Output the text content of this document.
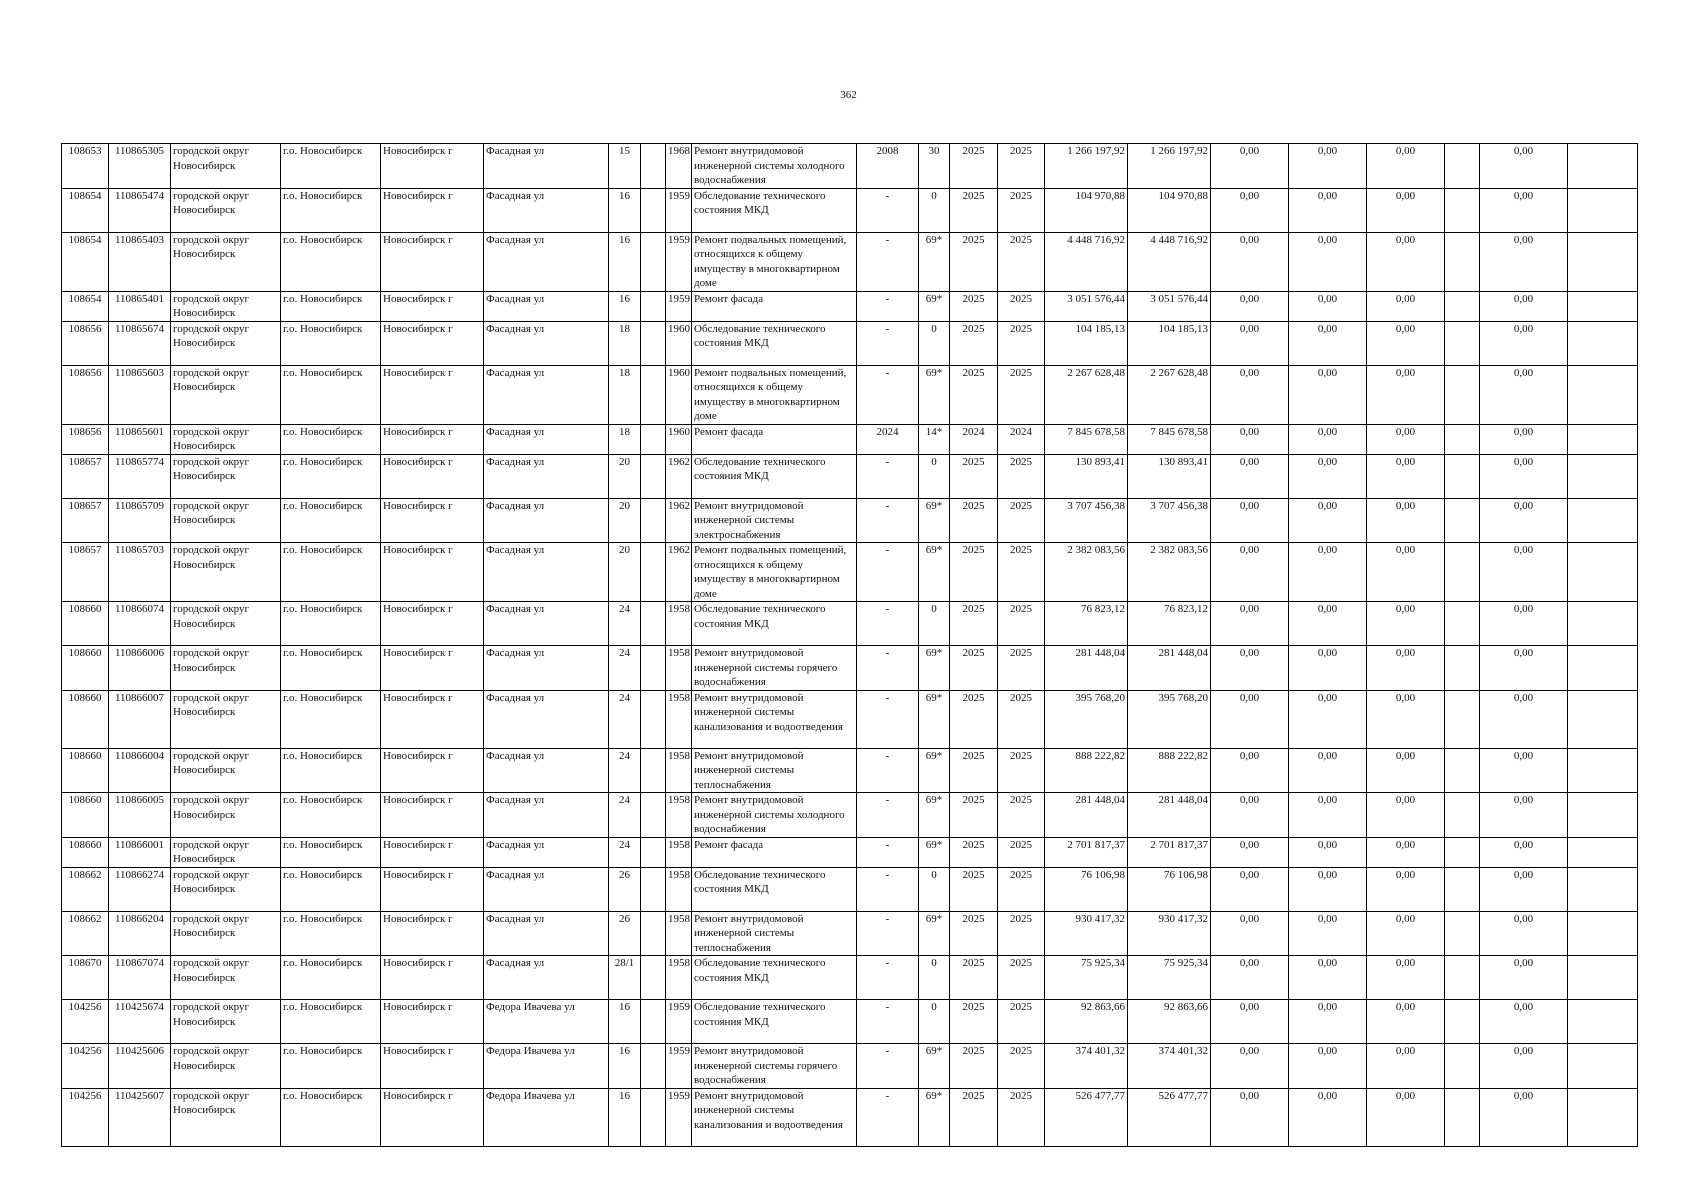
362
108653	110865305	городской округ Новосибирск	г.о. Новосибирск	Новосибирск г	Фасадная ул	15		1968	Ремонт внутридомовой инженерной системы холодного водоснабжения	2008	30	2025	2025	1 266 197,92	1 266 197,92	0,00	0,00	0,00		0,00	
108654	110865474	городской округ Новосибирск	г.о. Новосибирск	Новосибирск г	Фасадная ул	16		1959	Обследование технического состояния МКД	-	0	2025	2025	104 970,88	104 970,88	0,00	0,00	0,00		0,00	
108654	110865403	городской округ Новосибирск	г.о. Новосибирск	Новосибирск г	Фасадная ул	16		1959	Ремонт подвальных помещений, относящихся к общему имуществу в многоквартирном доме	-	69*	2025	2025	4 448 716,92	4 448 716,92	0,00	0,00	0,00		0,00	
108654	110865401	городской округ Новосибирск	г.о. Новосибирск	Новосибирск г	Фасадная ул	16		1959	Ремонт фасада	-	69*	2025	2025	3 051 576,44	3 051 576,44	0,00	0,00	0,00		0,00	
108656	110865674	городской округ Новосибирск	г.о. Новосибирск	Новосибирск г	Фасадная ул	18		1960	Обследование технического состояния МКД	-	0	2025	2025	104 185,13	104 185,13	0,00	0,00	0,00		0,00	
108656	110865603	городской округ Новосибирск	г.о. Новосибирск	Новосибирск г	Фасадная ул	18		1960	Ремонт подвальных помещений, относящихся к общему имуществу в многоквартирном доме	-	69*	2025	2025	2 267 628,48	2 267 628,48	0,00	0,00	0,00		0,00	
108656	110865601	городской округ Новосибирск	г.о. Новосибирск	Новосибирск г	Фасадная ул	18		1960	Ремонт фасада	2024	14*	2024	2024	7 845 678,58	7 845 678,58	0,00	0,00	0,00		0,00	
108657	110865774	городской округ Новосибирск	г.о. Новосибирск	Новосибирск г	Фасадная ул	20		1962	Обследование технического состояния МКД	-	0	2025	2025	130 893,41	130 893,41	0,00	0,00	0,00		0,00	
108657	110865709	городской округ Новосибирск	г.о. Новосибирск	Новосибирск г	Фасадная ул	20		1962	Ремонт внутридомовой инженерной системы электроснабжения	-	69*	2025	2025	3 707 456,38	3 707 456,38	0,00	0,00	0,00		0,00	
108657	110865703	городской округ Новосибирск	г.о. Новосибирск	Новосибирск г	Фасадная ул	20		1962	Ремонт подвальных помещений, относящихся к общему имуществу в многоквартирном доме	-	69*	2025	2025	2 382 083,56	2 382 083,56	0,00	0,00	0,00		0,00	
108660	110866074	городской округ Новосибирск	г.о. Новосибирск	Новосибирск г	Фасадная ул	24		1958	Обследование технического состояния МКД	-	0	2025	2025	76 823,12	76 823,12	0,00	0,00	0,00		0,00	
108660	110866006	городской округ Новосибирск	г.о. Новосибирск	Новосибирск г	Фасадная ул	24		1958	Ремонт внутридомовой инженерной системы горячего водоснабжения	-	69*	2025	2025	281 448,04	281 448,04	0,00	0,00	0,00		0,00	
108660	110866007	городской округ Новосибирск	г.о. Новосибирск	Новосибирск г	Фасадная ул	24		1958	Ремонт внутридомовой инженерной системы канализования и водоотведения	-	69*	2025	2025	395 768,20	395 768,20	0,00	0,00	0,00		0,00	
108660	110866004	городской округ Новосибирск	г.о. Новосибирск	Новосибирск г	Фасадная ул	24		1958	Ремонт внутридомовой инженерной системы теплоснабжения	-	69*	2025	2025	888 222,82	888 222,82	0,00	0,00	0,00		0,00	
108660	110866005	городской округ Новосибирск	г.о. Новосибирск	Новосибирск г	Фасадная ул	24		1958	Ремонт внутридомовой инженерной системы холодного водоснабжения	-	69*	2025	2025	281 448,04	281 448,04	0,00	0,00	0,00		0,00	
108660	110866001	городской округ Новосибирск	г.о. Новосибирск	Новосибирск г	Фасадная ул	24		1958	Ремонт фасада	-	69*	2025	2025	2 701 817,37	2 701 817,37	0,00	0,00	0,00		0,00	
108662	110866274	городской округ Новосибирск	г.о. Новосибирск	Новосибирск г	Фасадная ул	26		1958	Обследование технического состояния МКД	-	0	2025	2025	76 106,98	76 106,98	0,00	0,00	0,00		0,00	
108662	110866204	городской округ Новосибирск	г.о. Новосибирск	Новосибирск г	Фасадная ул	26		1958	Ремонт внутридомовой инженерной системы теплоснабжения	-	69*	2025	2025	930 417,32	930 417,32	0,00	0,00	0,00		0,00	
108670	110867074	городской округ Новосибирск	г.о. Новосибирск	Новосибирск г	Фасадная ул	28/1		1958	Обследование технического состояния МКД	-	0	2025	2025	75 925,34	75 925,34	0,00	0,00	0,00		0,00	
104256	110425674	городской округ Новосибирск	г.о. Новосибирск	Новосибирск г	Федора Ивачева ул	16		1959	Обследование технического состояния МКД	-	0	2025	2025	92 863,66	92 863,66	0,00	0,00	0,00		0,00	
104256	110425606	городской округ Новосибирск	г.о. Новосибирск	Новосибирск г	Федора Ивачева ул	16		1959	Ремонт внутридомовой инженерной системы горячего водоснабжения	-	69*	2025	2025	374 401,32	374 401,32	0,00	0,00	0,00		0,00	
104256	110425607	городской округ Новосибирск	г.о. Новосибирск	Новосибирск г	Федора Ивачева ул	16		1959	Ремонт внутридомовой инженерной системы канализования и водоотведения	-	69*	2025	2025	526 477,77	526 477,77	0,00	0,00	0,00		0,00	
